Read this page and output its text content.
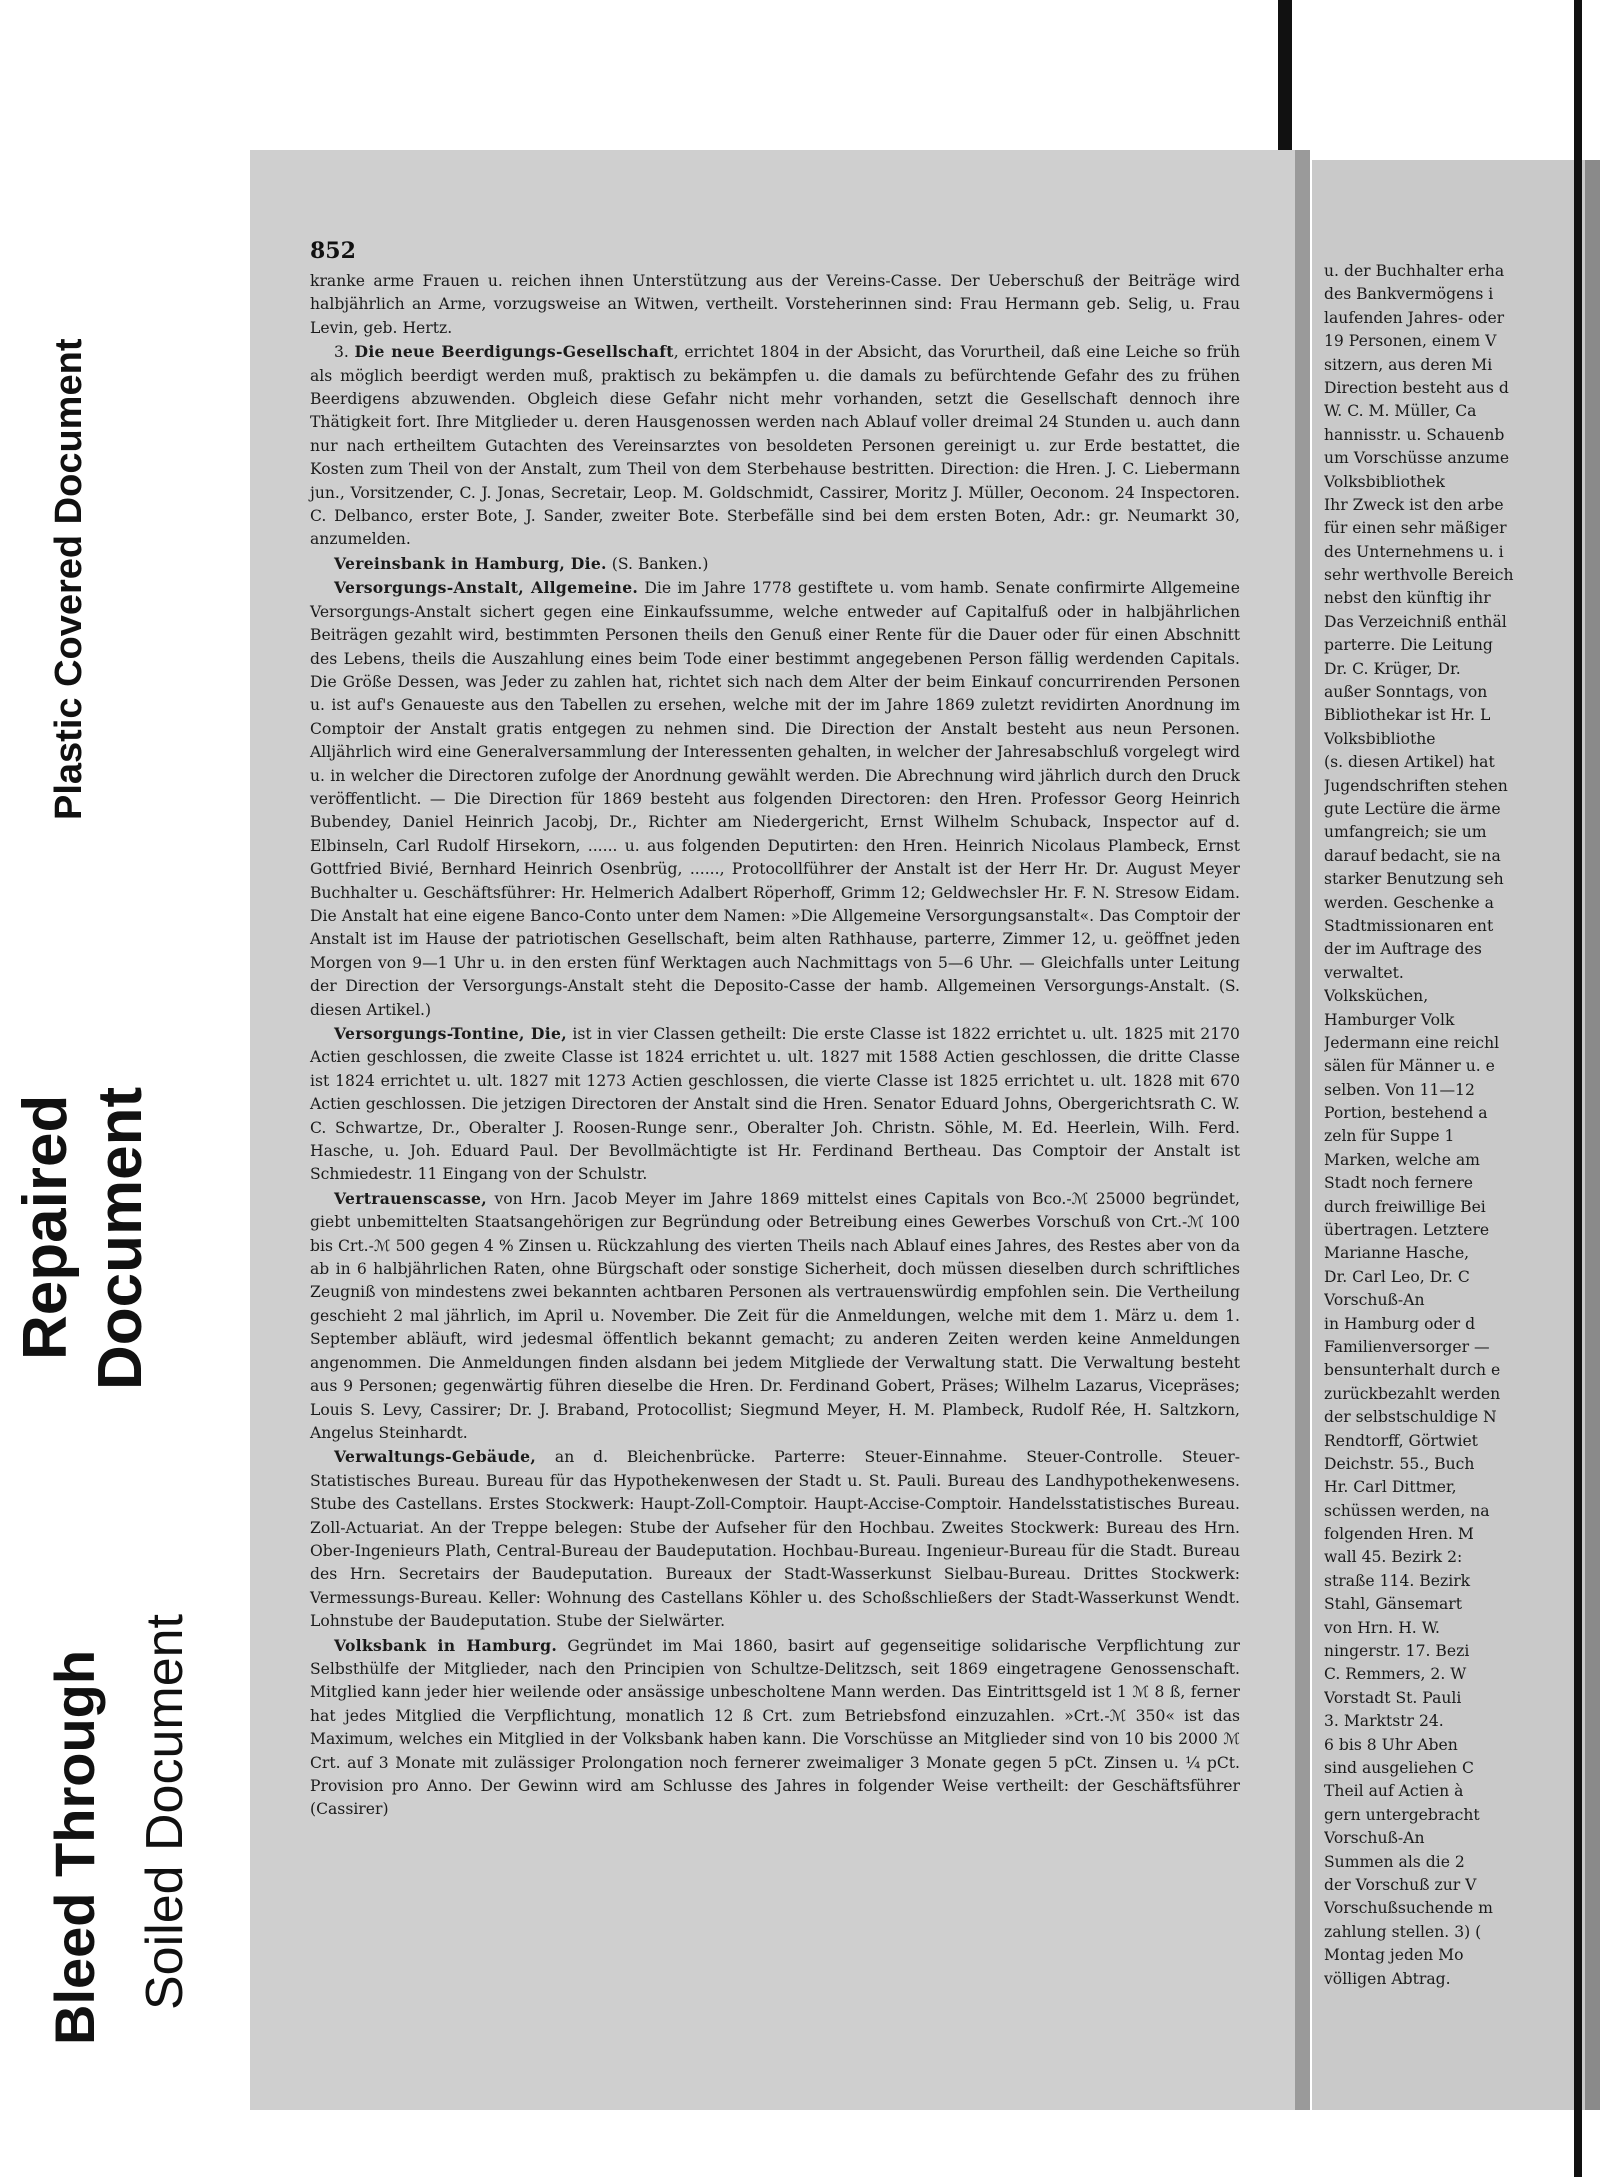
Plastic Covered Document
Repaired Document
Bleed Through Soiled Document
852

kranke arme Frauen u. reichen ihnen Unterstützung aus der Vereins-Casse. Der Ueberschuß der Beiträge wird halbjährlich an Arme, vorzugsweise an Witwen, vertheilt. Vorsteherinnen sind: Frau Hermann geb. Selig, u. Frau Levin, geb. Hertz.

3. Die neue Beerdigungs-Gesellschaft, errichtet 1804 in der Absicht, das Vorurtheil, daß eine Leiche so früh als möglich beerdigt werden muß, praktisch zu bekämpfen u. die damals zu befürchtende Gefahr des zu frühen Beerdigens abzuwenden. Obgleich diese Gefahr nicht mehr vorhanden, setzt die Gesellschaft dennoch ihre Thätigkeit fort. Ihre Mitglieder u. deren Hausgenossen werden nach Ablauf voller dreimal 24 Stunden u. auch dann nur nach ertheiltem Gutachten des Vereinsarztes von besoldeten Personen gereinigt u. zur Erde bestattet, die Kosten zum Theil von der Anstalt, zum Theil von dem Sterbehause bestritten. Direction: die Hren. J. C. Liebermann jun., Vorsitzender, C. J. Jonas, Secretair, Leop. M. Goldschmidt, Cassirer, Moritz J. Müller, Oeconom. 24 Inspectoren. C. Delbanco, erster Bote, J. Sander, zweiter Bote. Sterbefälle sind bei dem ersten Boten, Adr.: gr. Neumarkt 30, anzumelden.

Vereinsbank in Hamburg, Die. (S. Banken.)

Versorgungs-Anstalt, Allgemeine. Die im Jahre 1778 gestiftete u. vom hamb. Senate confirmirte Allgemeine Versorgungs-Anstalt sichert gegen eine Einkaufssumme, welche entweder auf Capitalfuß oder in halbjährlichen Beiträgen gezahlt wird, bestimmten Personen theils den Genuß einer Rente für die Dauer oder für einen Abschnitt des Lebens, theils die Auszahlung eines beim Tode einer bestimmt angegebenen Person fällig werdenden Capitals. Die Größe Dessen, was Jeder zu zahlen hat, richtet sich nach dem Alter der beim Einkauf concurrirenden Personen u. ist auf's Genaueste aus den Tabellen zu ersehen, welche mit der im Jahre 1869 zuletzt revidirten Anordnung im Comptoir der Anstalt gratis entgegen zu nehmen sind. Die Direction der Anstalt besteht aus neun Personen. Alljährlich wird eine Generalversammlung der Interessenten gehalten, in welcher der Jahresabschluß vorgelegt wird u. in welcher die Directoren zufolge der Anordnung gewählt werden. Die Abrechnung wird jährlich durch den Druck veröffentlicht. — Die Direction für 1869 besteht aus folgenden Directoren: den Hren. Professor Georg Heinrich Bubendey, Daniel Heinrich Jacobj, Dr., Richter am Niedergericht, Ernst Wilhelm Schuback, Inspector auf d. Elbinseln, Carl Rudolf Hirsekorn, ...... u. aus folgenden Deputirten: den Hren. Heinrich Nicolaus Plambeck, Ernst Gottfried Bivié, Bernhard Heinrich Osenbrüg, ......, Protocollführer der Anstalt ist der Herr Hr. Dr. August Meyer Buchhalter u. Geschäftsführer: Hr. Helmerich Adalbert Röperhoff, Grimm 12; Geldwechsler Hr. F. N. Stresow Eidam. Die Anstalt hat eine eigene Banco-Conto unter dem Namen: »Die Allgemeine Versorgungsanstalt«. Das Comptoir der Anstalt ist im Hause der patriotischen Gesellschaft, beim alten Rathhause, parterre, Zimmer 12, u. geöffnet jeden Morgen von 9—1 Uhr u. in den ersten fünf Werktagen auch Nachmittags von 5—6 Uhr. — Gleichfalls unter Leitung der Direction der Versorgungs-Anstalt steht die Deposito-Casse der hamb. Allgemeinen Versorgungs-Anstalt. (S. diesen Artikel.)

Versorgungs-Tontine, Die, ist in vier Classen getheilt: Die erste Classe ist 1822 errichtet u. ult. 1825 mit 2170 Actien geschlossen, die zweite Classe ist 1824 errichtet u. ult. 1827 mit 1588 Actien geschlossen, die dritte Classe ist 1824 errichtet u. ult. 1827 mit 1273 Actien geschlossen, die vierte Classe ist 1825 errichtet u. ult. 1828 mit 670 Actien geschlossen. Die jetzigen Directoren der Anstalt sind die Hren. Senator Eduard Johns, Obergerichtsrath C. W. C. Schwartze, Dr., Oberalter J. Roosen-Runge senr., Oberalter Joh. Christn. Söhle, M. Ed. Heerlein, Wilh. Ferd. Hasche, u. Joh. Eduard Paul. Der Bevollmächtigte ist Hr. Ferdinand Bertheau. Das Comptoir der Anstalt ist Schmiedestr. 11 Eingang von der Schulstr.

Vertrauenscasse, von Hrn. Jacob Meyer im Jahre 1869 mittelst eines Capitals von Bco.-ℳ 25000 begründet, giebt unbemittelten Staatsangehörigen zur Begründung oder Betreibung eines Gewerbes Vorschuß von Crt.-ℳ 100 bis Crt.-ℳ 500 gegen 4 % Zinsen u. Rückzahlung des vierten Theils nach Ablauf eines Jahres, des Restes aber von da ab in 6 halbjährlichen Raten, ohne Bürgschaft oder sonstige Sicherheit, doch müssen dieselben durch schriftliches Zeugniß von mindestens zwei bekannten achtbaren Personen als vertrauenswürdig empfohlen sein. Die Vertheilung geschieht 2 mal jährlich, im April u. November. Die Zeit für die Anmeldungen, welche mit dem 1. März u. dem 1. September abläuft, wird jedesmal öffentlich bekannt gemacht; zu anderen Zeiten werden keine Anmeldungen angenommen. Die Anmeldungen finden alsdann bei jedem Mitgliede der Verwaltung statt. Die Verwaltung besteht aus 9 Personen; gegenwärtig führen dieselbe die Hren. Dr. Ferdinand Gobert, Präses; Wilhelm Lazarus, Vicepräses; Louis S. Levy, Cassirer; Dr. J. Braband, Protocollist; Siegmund Meyer, H. M. Plambeck, Rudolf Rée, H. Saltzkorn, Angelus Steinhardt.

Verwaltungs-Gebäude, an d. Bleichenbrücke. Parterre: Steuer-Einnahme. Steuer-Controlle. Steuer-Statistisches Bureau. Bureau für das Hypothekenwesen der Stadt u. St. Pauli. Bureau des Landhypothekenwesens. Stube des Castellans. Erstes Stockwerk: Haupt-Zoll-Comptoir. Haupt-Accise-Comptoir. Handelsstatistisches Bureau. Zoll-Actuariat. An der Treppe belegen: Stube der Aufseher für den Hochbau. Zweites Stockwerk: Bureau des Hrn. Ober-Ingenieurs Plath, Central-Bureau der Baudeputation. Hochbau-Bureau. Ingenieur-Bureau für die Stadt. Bureau des Hrn. Secretairs der Baudeputation. Bureaux der Stadt-Wasserkunst Sielbau-Bureau. Drittes Stockwerk: Vermessungs-Bureau. Keller: Wohnung des Castellans Köhler u. des Schoßschließers der Stadt-Wasserkunst Wendt. Lohnstube der Baudeputation. Stube der Sielwärter.

Volksbank in Hamburg. Gegründet im Mai 1860, basirt auf gegenseitige solidarische Verpflichtung zur Selbsthülfe der Mitglieder, nach den Principien von Schultze-Delitzsch, seit 1869 eingetragene Genossenschaft. Mitglied kann jeder hier weilende oder ansässige unbescholtene Mann werden. Das Eintrittsgeld ist 1 ℳ 8 ß, ferner hat jedes Mitglied die Verpflichtung, monatlich 12 ß Crt. zum Betriebsfond einzuzahlen. »Crt.-ℳ 350« ist das Maximum, welches ein Mitglied in der Volksbank haben kann. Die Vorschüsse an Mitglieder sind von 10 bis 2000 ℳ Crt. auf 3 Monate mit zulässiger Prolongation noch fernerer zweimaliger 3 Monate gegen 5 pCt. Zinsen u. ¼ pCt. Provision pro Anno. Der Gewinn wird am Schlusse des Jahres in folgender Weise vertheilt: der Geschäftsführer (Cassirer)

u. der Buchhalter erha
des Bankvermögens i
laufenden Jahres- oder
19 Personen, einem V
sitzern, aus deren Mi
Direction besteht aus d
W. C. M. Müller, Ca
hannisstr. u. Schauenb
um Vorschüsse anzume
Volksbibliothek
Ihr Zweck ist den arbe
für einen sehr mäßiger
des Unternehmens u. i
sehr werthvolle Bereich
nebst den künftig ihr
Das Verzeichniß enthäl
parterre. Die Leitung
Dr. C. Krüger, Dr.
außer Sonntags, von
Bibliothekar ist Hr. L
Volksbibliothe
(s. diesen Artikel) hat
Jugendschriften stehen
gute Lectüre die ärme
umfangreich; sie um
darauf bedacht, sie na
starker Benutzung seh
werden. Geschenke a
Stadtmissionaren ent
der im Auftrage des
verwaltet.
Volksküchen,
Hamburger Volk
Jedermann eine reichl
sälen für Männer u. e
selben. Von 11—12
Portion, bestehend a
zeln für Suppe 1
Marken, welche am
Stadt noch fernere
durch freiwillige Bei
übertragen. Letztere
Marianne Hasche,
Dr. Carl Leo, Dr. C
Vorschuß-An
in Hamburg oder d
Familienversorger —
bensunterhalt durch e
zurückbezahlt werden
der selbstschuldige N
Rendtorff, Görtwiet
Deichstr. 55., Buch
Hr. Carl Dittmer,
schüssen werden, na
folgenden Hren. M
wall 45. Bezirk 2:
straße 114. Bezirk
Stahl, Gänsemart
von Hrn. H. W.
ningerstr. 17. Bezi
C. Remmers, 2. W
Vorstadt St. Pauli
3. Marktstr 24.
6 bis 8 Uhr Aben
sind ausgeliehen C
Theil auf Actien à
gern untergebracht
Vorschuß-An
Summen als die 2
der Vorschuß zur V
Vorschußsuchende m
zahlung stellen. 3) (
Montag jeden Mo
völligen Abtrag.
